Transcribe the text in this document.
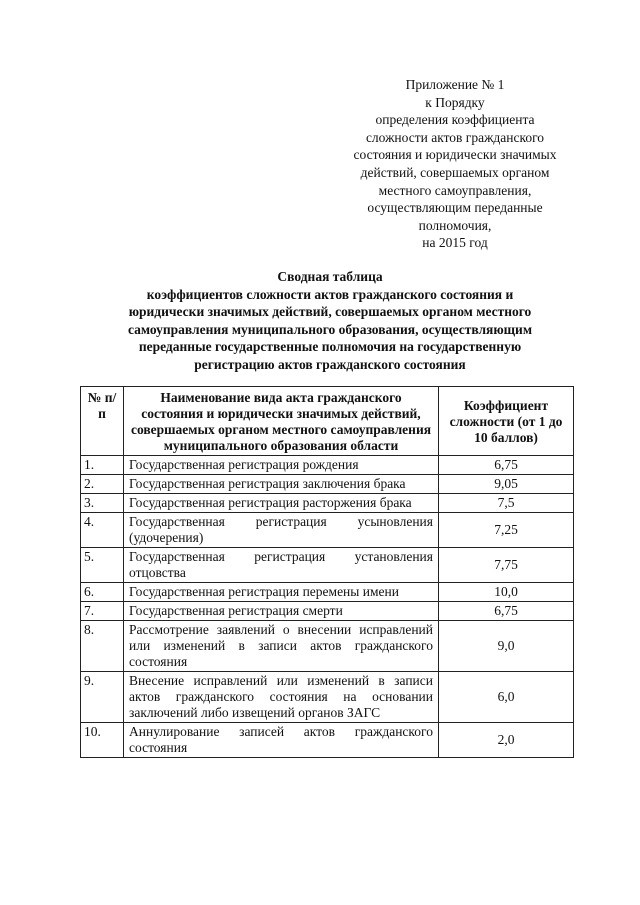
Приложение № 1
к Порядку
определения коэффициента
сложности актов гражданского
состояния и юридически значимых
действий, совершаемых органом
местного самоуправления,
осуществляющим переданные
полномочия,
на 2015 год
Сводная таблица
коэффициентов сложности актов гражданского состояния и
юридически значимых действий, совершаемых органом местного
самоуправления муниципального образования, осуществляющим
переданные государственные полномочия на государственную
регистрацию актов гражданского состояния
№ п/п	Наименование вида акта гражданского состояния и юридически значимых действий, совершаемых органом местного самоуправления муниципального образования области	Коэффициент сложности (от 1 до 10 баллов)
1.	Государственная регистрация рождения	6,75
2.	Государственная регистрация заключения брака	9,05
3.	Государственная регистрация расторжения брака	7,5
4.	Государственная регистрация усыновления (удочерения)	7,25
5.	Государственная регистрация установления отцовства	7,75
6.	Государственная регистрация перемены имени	10,0
7.	Государственная регистрация смерти	6,75
8.	Рассмотрение заявлений о внесении исправлений или изменений в записи актов гражданского состояния	9,0
9.	Внесение исправлений или изменений в записи актов гражданского состояния на основании заключений либо извещений органов ЗАГС	6,0
10.	Аннулирование записей актов гражданского состояния	2,0
